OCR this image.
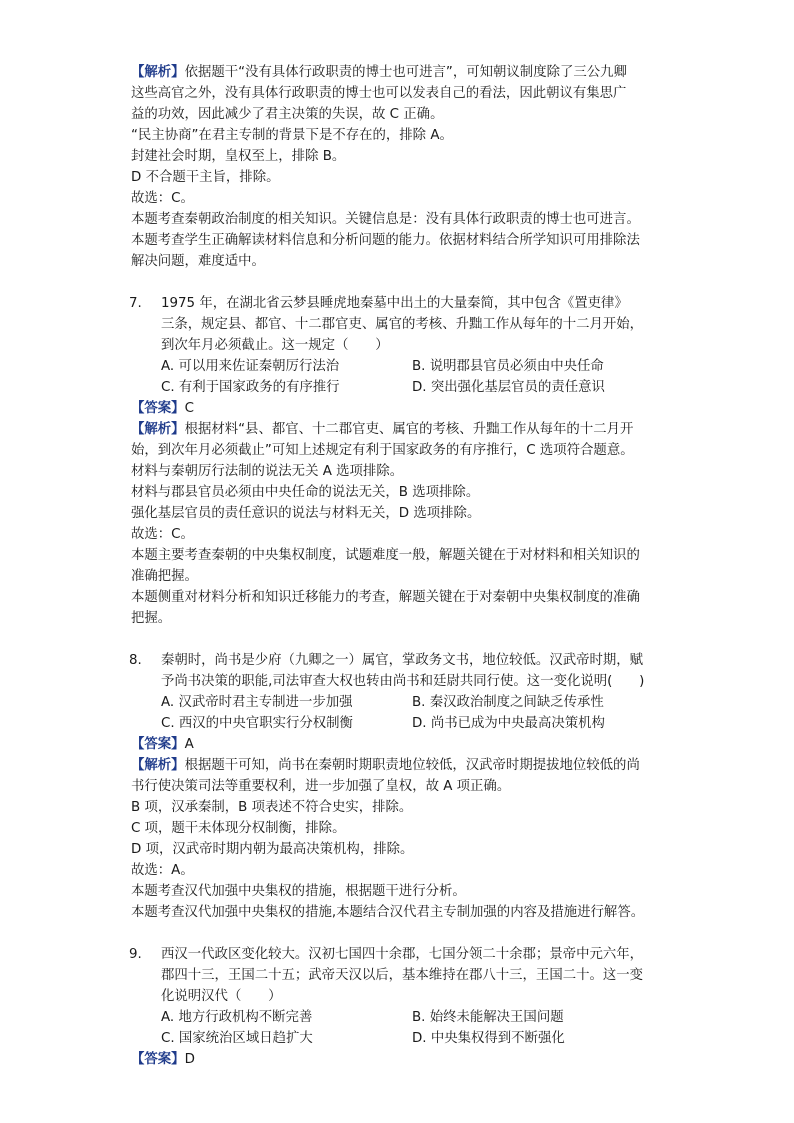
【解析】依据题干“没有具体行政职责的博士也可进言”，可知朝议制度除了三公九卿
这些高官之外，没有具体行政职责的博士也可以发表自己的看法，因此朝议有集思广
益的功效，因此减少了君主决策的失误，故 C 正确。
“民主协商”在君主专制的背景下是不存在的，排除 A。
封建社会时期，皇权至上，排除 B。
D 不合题干主旨，排除。
故选：C。
本题考查秦朝政治制度的相关知识。关键信息是：没有具体行政职责的博士也可进言。
本题考查学生正确解读材料信息和分析问题的能力。依据材料结合所学知识可用排除法
解决问题，难度适中。
7. 1975 年，在湖北省云梦县睡虎地秦墓中出土的大量秦简，其中包含《置吏律》
三条，规定县、都官、十二郡官吏、属官的考核、升黜工作从每年的十二月开始，
到次年月必须截止。这一规定（　　）
A. 可以用来佐证秦朝厉行法治	B. 说明郡县官员必须由中央任命
C. 有利于国家政务的有序推行	D. 突出强化基层官员的责任意识
【答案】C
【解析】根据材料“县、都官、十二郡官吏、属官的考核、升黜工作从每年的十二月开
始，到次年月必须截止”可知上述规定有利于国家政务的有序推行，C 选项符合题意。
材料与秦朝厉行法制的说法无关 A 选项排除。
材料与郡县官员必须由中央任命的说法无关，B 选项排除。
强化基层官员的责任意识的说法与材料无关，D 选项排除。
故选：C。
本题主要考查秦朝的中央集权制度，试题难度一般，解题关键在于对材料和相关知识的
准确把握。
本题侧重对材料分析和知识迁移能力的考查，解题关键在于对秦朝中央集权制度的准确
把握。
8. 秦朝时，尚书是少府（九卿之一）属官，掌政务文书，地位较低。汉武帝时期，赋
予尚书决策的职能,司法审查大权也转由尚书和廷尉共同行使。这一变化说明(　　)
A. 汉武帝时君主专制进一步加强	B. 秦汉政治制度之间缺乏传承性
C. 西汉的中央官职实行分权制衡	D. 尚书已成为中央最高决策机构
【答案】A
【解析】根据题干可知，尚书在秦朝时期职责地位较低，汉武帝时期提拔地位较低的尚
书行使决策司法等重要权利，进一步加强了皇权，故 A 项正确。
B 项，汉承秦制，B 项表述不符合史实，排除。
C 项，题干未体现分权制衡，排除。
D 项，汉武帝时期内朝为最高决策机构，排除。
故选：A。
本题考查汉代加强中央集权的措施，根据题干进行分析。
本题考查汉代加强中央集权的措施,本题结合汉代君主专制加强的内容及措施进行解答。
9. 西汉一代政区变化较大。汉初七国四十余郡，七国分领二十余郡；景帝中元六年，
郡四十三，王国二十五；武帝天汉以后，基本维持在郡八十三，王国二十。这一变
化说明汉代（　　）
A. 地方行政机构不断完善	B. 始终未能解决王国问题
C. 国家统治区域日趋扩大	D. 中央集权得到不断强化
【答案】D
